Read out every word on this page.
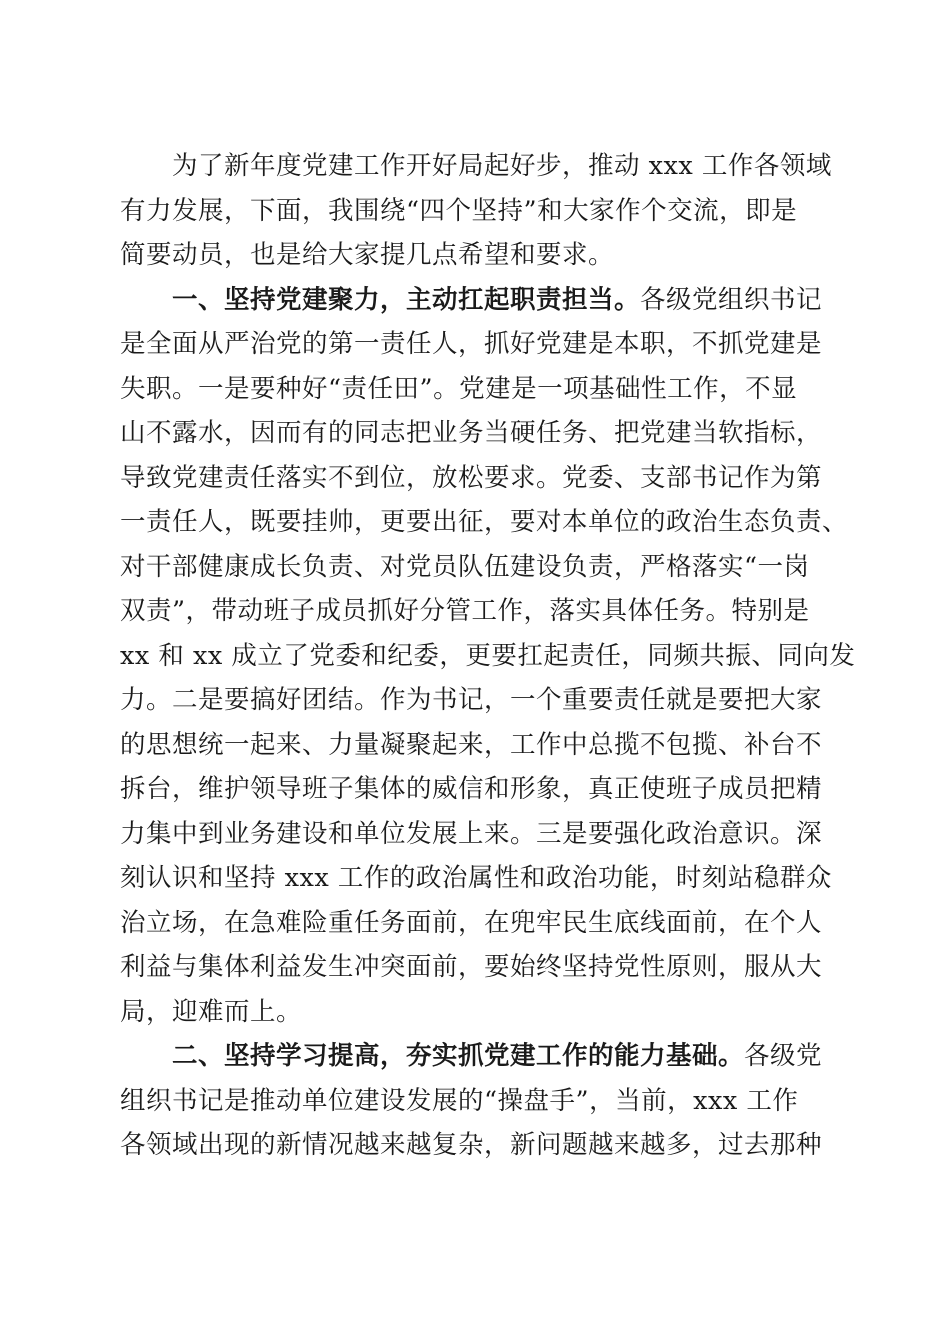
为了新年度党建工作开好局起好步，推动 xxx 工作各领域
有力发展，下面，我围绕“四个坚持”和大家作个交流，即是
简要动员，也是给大家提几点希望和要求。
一、坚持党建聚力，主动扛起职责担当。各级党组织书记
是全面从严治党的第一责任人，抓好党建是本职，不抓党建是
失职。一是要种好“责任田”。党建是一项基础性工作，不显
山不露水，因而有的同志把业务当硬任务、把党建当软指标，
导致党建责任落实不到位，放松要求。党委、支部书记作为第
一责任人，既要挂帅，更要出征，要对本单位的政治生态负责、
对干部健康成长负责、对党员队伍建设负责，严格落实“一岗
双责”，带动班子成员抓好分管工作，落实具体任务。特别是
xx 和 xx 成立了党委和纪委，更要扛起责任，同频共振、同向发
力。二是要搞好团结。作为书记，一个重要责任就是要把大家
的思想统一起来、力量凝聚起来，工作中总揽不包揽、补台不
拆台，维护领导班子集体的威信和形象，真正使班子成员把精
力集中到业务建设和单位发展上来。三是要强化政治意识。深
刻认识和坚持 xxx 工作的政治属性和政治功能，时刻站稳群众
治立场，在急难险重任务面前，在兜牢民生底线面前，在个人
利益与集体利益发生冲突面前，要始终坚持党性原则，服从大
局，迎难而上。
二、坚持学习提高，夯实抓党建工作的能力基础。各级党
组织书记是推动单位建设发展的“操盘手”，当前，xxx 工作
各领域出现的新情况越来越复杂，新问题越来越多，过去那种
